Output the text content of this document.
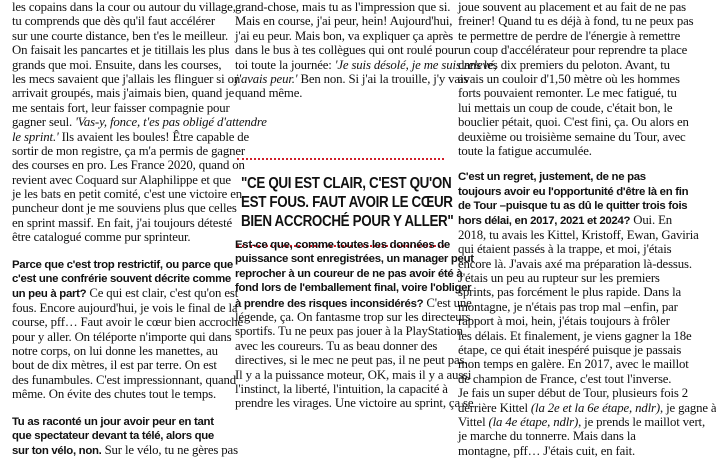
les copains dans la cour ou autour du village,
tu comprends que dès qu'il faut accélérer
sur une courte distance, ben t'es le meilleur.
On faisait les pancartes et je titillais les plus
grands que moi. Ensuite, dans les courses,
les mecs savaient que j'allais les flinguer si on
arrivait groupés, mais j'aimais bien, quand je
me sentais fort, leur faisser compagnie pour
gagner seul. 'Vas-y, fonce, t'es pas obligé d'attendre
le sprint.' Ils avaient les boules! Être capable de
sortir de mon registre, ça m'a permis de gagner
des courses en pro. Les France 2020, quand on
revient avec Coquard sur Alaphilippe et que
je les bats en petit comité, c'est une victoire en
puncheur dont je me souviens plus que celles
en sprint massif. En fait, j'ai toujours détesté
être catalogué comme pur sprinteur.
Parce que c'est trop restrictif, ou parce que
c'est une confrérie souvent décrite comme
un peu à part? Ce qui est clair, c'est qu'on est
fous. Encore aujourd'hui, je vois le final de la
course, pff… Faut avoir le cœur bien accroché
pour y aller. On téléporte n'importe qui dans
notre corps, on lui donne les manettes, au
bout de dix mètres, il est par terre. On est
des funambules. C'est impressionnant, quand
même. On évite des chutes tout le temps.
Tu as raconté un jour avoir peur en tant
que spectateur devant ta télé, alors que
sur ton vélo, non. Sur le vélo, tu ne gères pas
grand-chose, mais tu as l'impression que si.
Mais en course, j'ai peur, hein! Aujourd'hui,
j'ai eu peur. Mais bon, va expliquer ça après
dans le bus à tes collègues qui ont roulé pour
toi toute la journée: 'Je suis désolé, je me suis relevé,
j'avais peur.' Ben non. Si j'ai la trouille, j'y vais
quand même.
"CE QUI EST CLAIR, C'EST QU'ON
EST FOUS. FAUT AVOIR LE CŒUR
BIEN ACCROCHÉ POUR Y ALLER"
Est-ce que, comme toutes les données de
puissance sont enregistrées, un manager peut
reprocher à un coureur de ne pas avoir été à
fond lors de l'emballement final, voire l'obliger
à prendre des risques inconsidérés? C'est une
légende, ça. On fantasme trop sur les directeurs
sportifs. Tu ne peux pas jouer à la PlayStation
avec les coureurs. Tu as beau donner des
directives, si le mec ne peut pas, il ne peut pas.
Il y a la puissance moteur, OK, mais il y a aussi
l'instinct, la liberté, l'intuition, la capacité à
prendre les virages. Une victoire au sprint, ça se
joue souvent au placement et au fait de ne pas
freiner! Quand tu es déjà à fond, tu ne peux pas
te permettre de perdre de l'énergie à remettre
un coup d'accélérateur pour reprendre ta place
dans les dix premiers du peloton. Avant, tu
avais un couloir d'1,50 mètre où les hommes
forts pouvaient remonter. Le mec fatigué, tu
lui mettais un coup de coude, c'était bon, le
bouclier pétait, quoi. C'est fini, ça. Ou alors en
deuxième ou troisième semaine du Tour, avec
toute la fatigue accumulée.
C'est un regret, justement, de ne pas
toujours avoir eu l'opportunité d'être là en fin
de Tour –puisque tu as dû le quitter trois fois
hors délai, en 2017, 2021 et 2024? Oui. En
2018, tu avais les Kittel, Kristoff, Ewan, Gaviria
qui étaient passés à la trappe, et moi, j'étais
encore là. J'avais axé ma préparation là-dessus.
J'étais un peu au rupteur sur les premiers
sprints, pas forcément le plus rapide. Dans la
montagne, je n'étais pas trop mal –enfin, par
rapport à moi, hein, j'étais toujours à frôler
les délais. Et finalement, je viens gagner la 18e
étape, ce qui était inespéré puisque je passais
mon temps en galère. En 2017, avec le maillot
de champion de France, c'est tout l'inverse.
Je fais un super début de Tour, plusieurs fois 2
derrière Kittel (la 2e et la 6e étape, ndlr), je gagne à
Vittel (la 4e étape, ndlr), je prends le maillot vert,
je marche du tonnerre. Mais dans la
montagne, pff… J'étais cuit, en fait.
